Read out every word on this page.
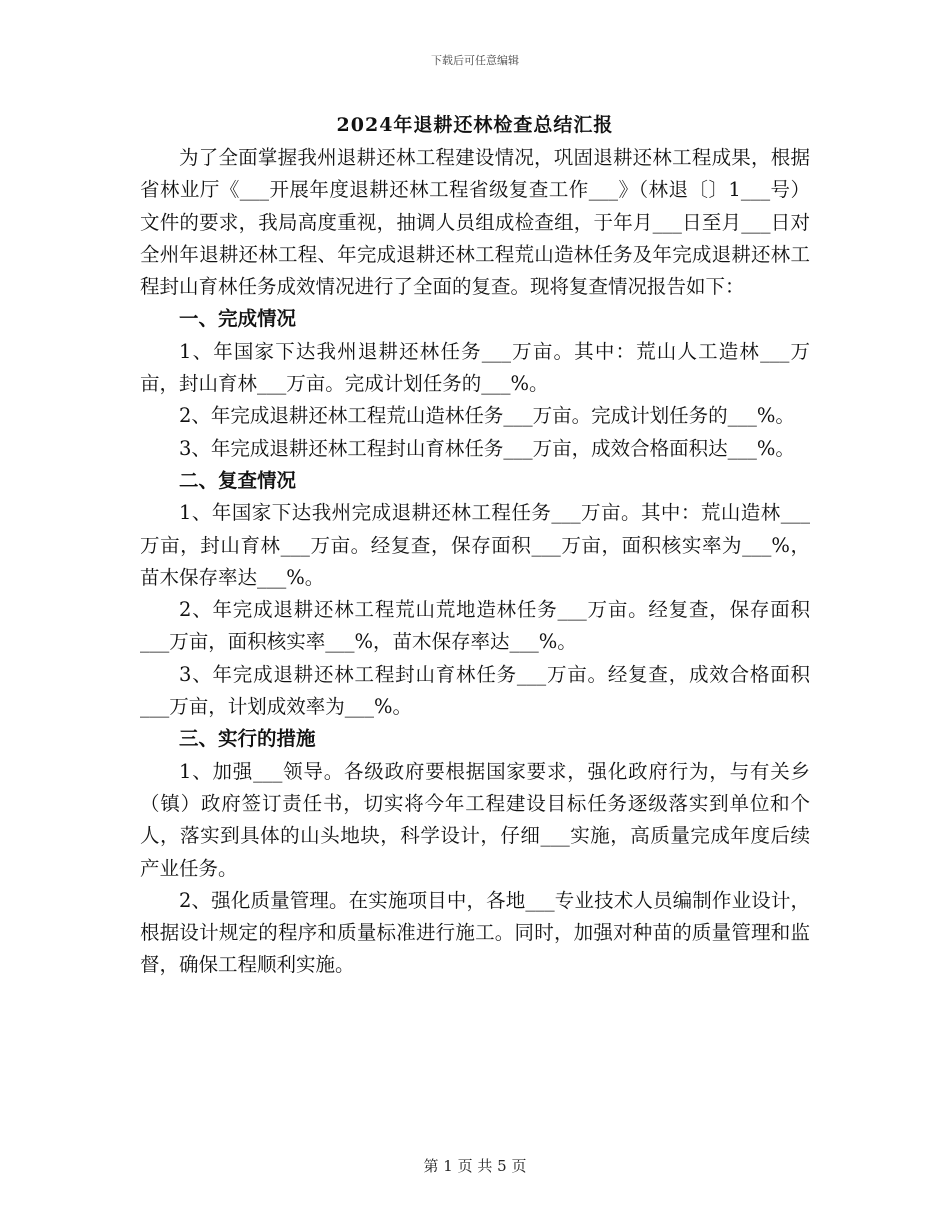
下载后可任意编辑
2024年退耕还林检查总结汇报

为了全面掌握我州退耕还林工程建设情况，巩固退耕还林工程成果，根据省林业厅《___开展年度退耕还林工程省级复查工作___》（林退〔〕1___号）文件的要求，我局高度重视，抽调人员组成检查组，于年月___日至月___日对全州年退耕还林工程、年完成退耕还林工程荒山造林任务及年完成退耕还林工程封山育林任务成效情况进行了全面的复查。现将复查情况报告如下：

一、完成情况

1、年国家下达我州退耕还林任务___万亩。其中：荒山人工造林___万亩，封山育林___万亩。完成计划任务的___%。

2、年完成退耕还林工程荒山造林任务___万亩。完成计划任务的___%。

3、年完成退耕还林工程封山育林任务___万亩，成效合格面积达___%。

二、复查情况

1、年国家下达我州完成退耕还林工程任务___万亩。其中：荒山造林___万亩，封山育林___万亩。经复查，保存面积___万亩，面积核实率为___%，苗木保存率达___%。

2、年完成退耕还林工程荒山荒地造林任务___万亩。经复查，保存面积___万亩，面积核实率___%，苗木保存率达___%。

3、年完成退耕还林工程封山育林任务___万亩。经复查，成效合格面积___万亩，计划成效率为___%。

三、实行的措施

1、加强___领导。各级政府要根据国家要求，强化政府行为，与有关乡（镇）政府签订责任书，切实将今年工程建设目标任务逐级落实到单位和个人，落实到具体的山头地块，科学设计，仔细___实施，高质量完成年度后续产业任务。

2、强化质量管理。在实施项目中，各地___专业技术人员编制作业设计，根据设计规定的程序和质量标准进行施工。同时，加强对种苗的质量管理和监督，确保工程顺利实施。

第 1 页 共 5 页
